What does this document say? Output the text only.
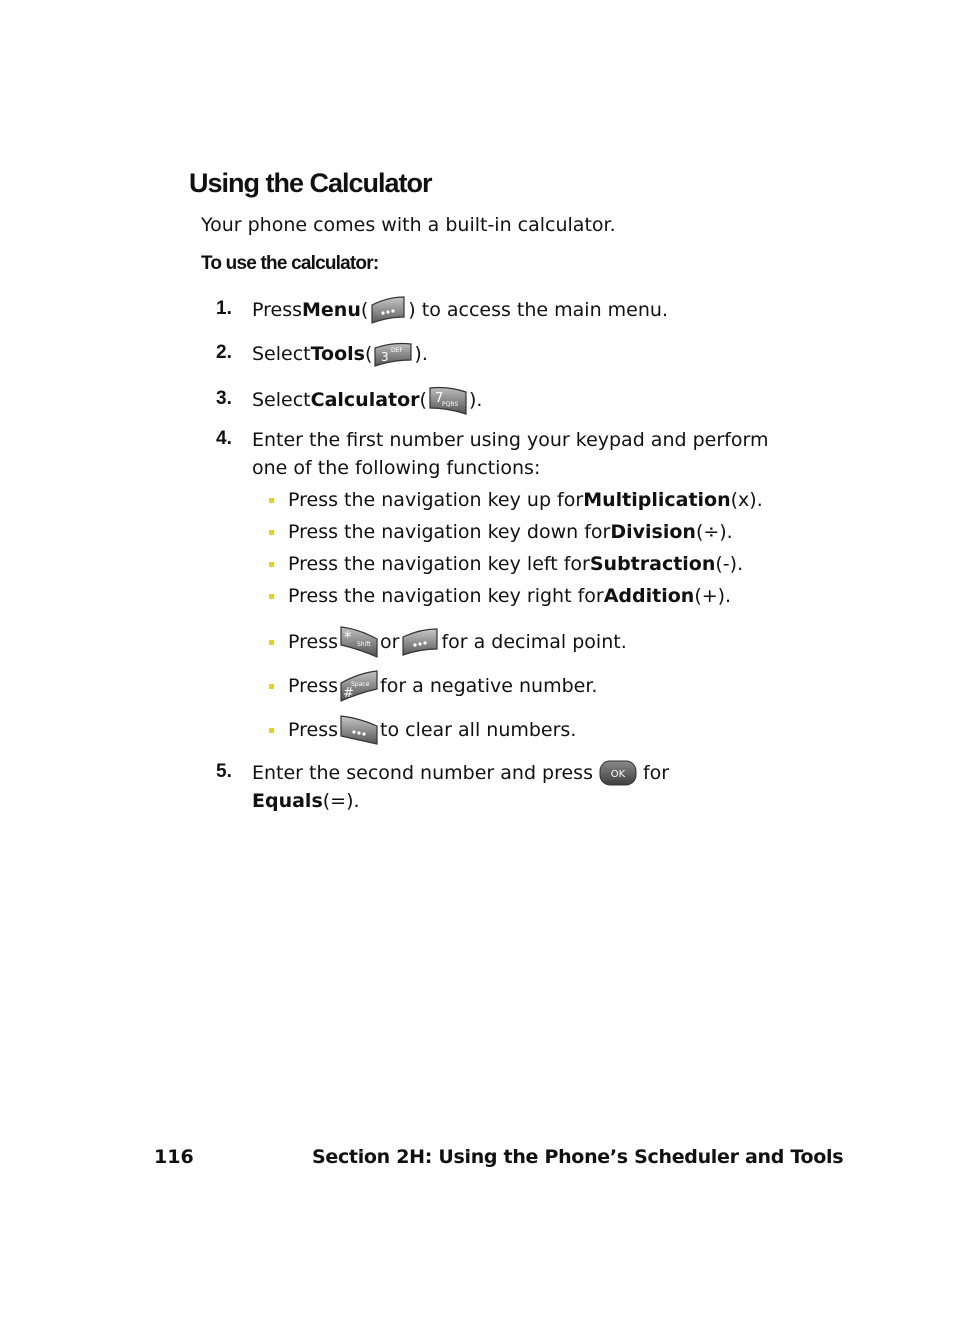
Using the Calculator
Your phone comes with a built-in calculator.
To use the calculator:
1. Press Menu ( ) to access the main menu.
2. Select Tools ( 3 DEF ).
3. Select Calculator ( 7
PQRS ).
4. Enter the first number using your keypad and perform
one of the following functions:
Press the navigation key up for Multiplication (x).
Press the navigation key down for Division (÷).
Press the navigation key left for Subtraction (-).
Press the navigation key right for Addition (+).
Press * Shift or for a decimal point.
Press #
Space for a negative number.
Press to clear all numbers.
5. Enter the second number and press OK for
Equals (=).
116	Section 2H: Using the Phone’s Scheduler and Tools
